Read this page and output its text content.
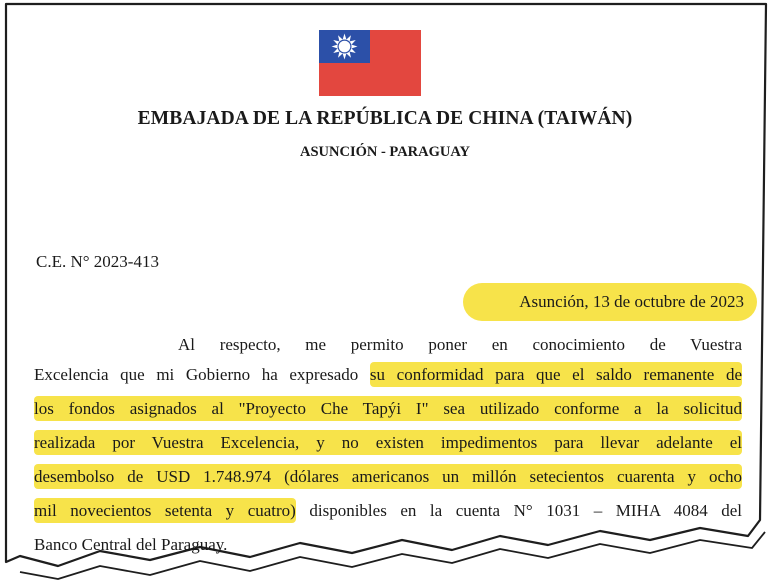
EMBAJADA DE LA REPÚBLICA DE CHINA (TAIWÁN)
ASUNCIÓN - PARAGUAY
C.E. N° 2023-413
Asunción, 13 de octubre de 2023
Al respecto, me permito poner en conocimiento de Vuestra
Excelencia que mi Gobierno ha expresado su conformidad para que el saldo remanente de
los fondos asignados al "Proyecto Che Tapýi I" sea utilizado conforme a la solicitud
realizada por Vuestra Excelencia, y no existen impedimentos para llevar adelante el
desembolso de USD 1.748.974 (dólares americanos un millón setecientos cuarenta y ocho
mil novecientos setenta y cuatro) disponibles en la cuenta N° 1031 – MIHA 4084 del
Banco Central del Paraguay.
